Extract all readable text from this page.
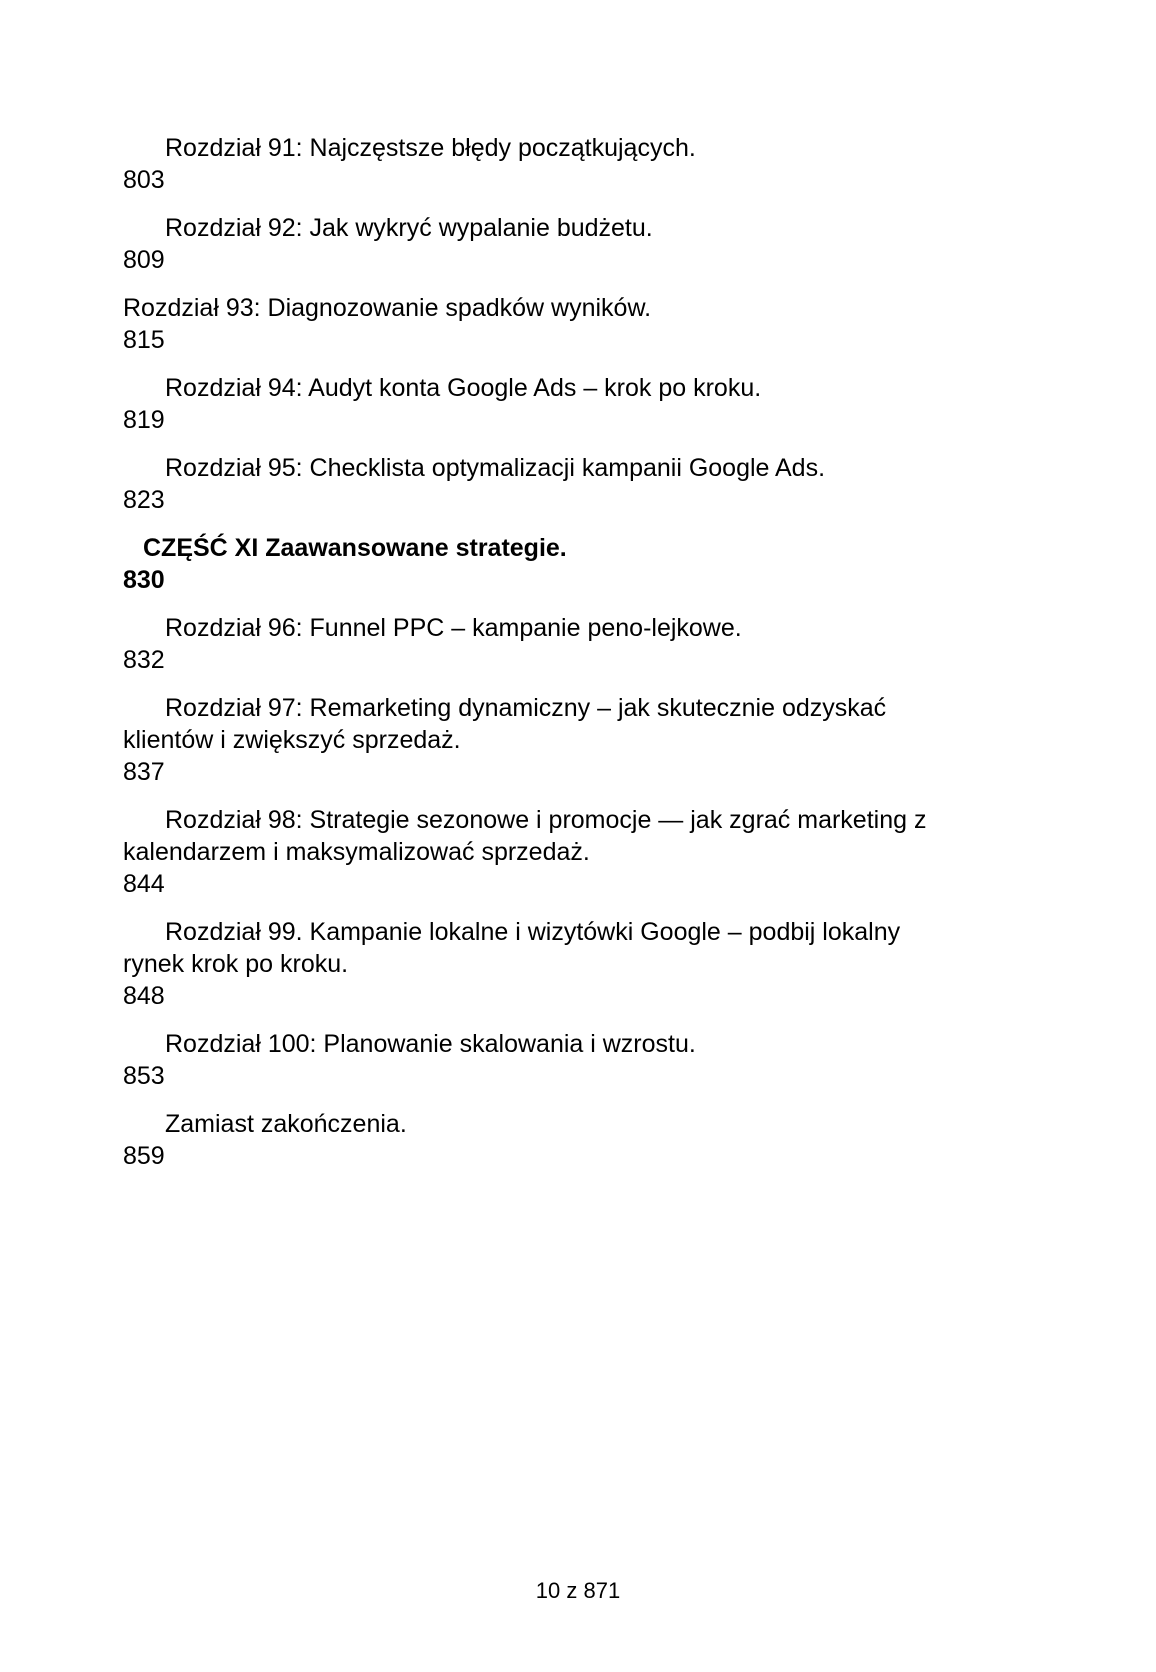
Rozdział 91: Najczęstsze błędy początkujących.
803

Rozdział 92: Jak wykryć wypalanie budżetu.
809

Rozdział 93: Diagnozowanie spadków wyników.
815

Rozdział 94: Audyt konta Google Ads – krok po kroku.
819

Rozdział 95: Checklista optymalizacji kampanii Google Ads.
823

CZĘŚĆ XI Zaawansowane strategie.
830

Rozdział 96: Funnel PPC – kampanie peno-lejkowe.
832

Rozdział 97: Remarketing dynamiczny – jak skutecznie odzyskać
klientów i zwiększyć sprzedaż.
837

Rozdział 98: Strategie sezonowe i promocje — jak zgrać marketing z
kalendarzem i maksymalizować sprzedaż.
844

Rozdział 99. Kampanie lokalne i wizytówki Google – podbij lokalny
rynek krok po kroku.
848

Rozdział 100: Planowanie skalowania i wzrostu.
853

Zamiast zakończenia.
859

10 z 871
